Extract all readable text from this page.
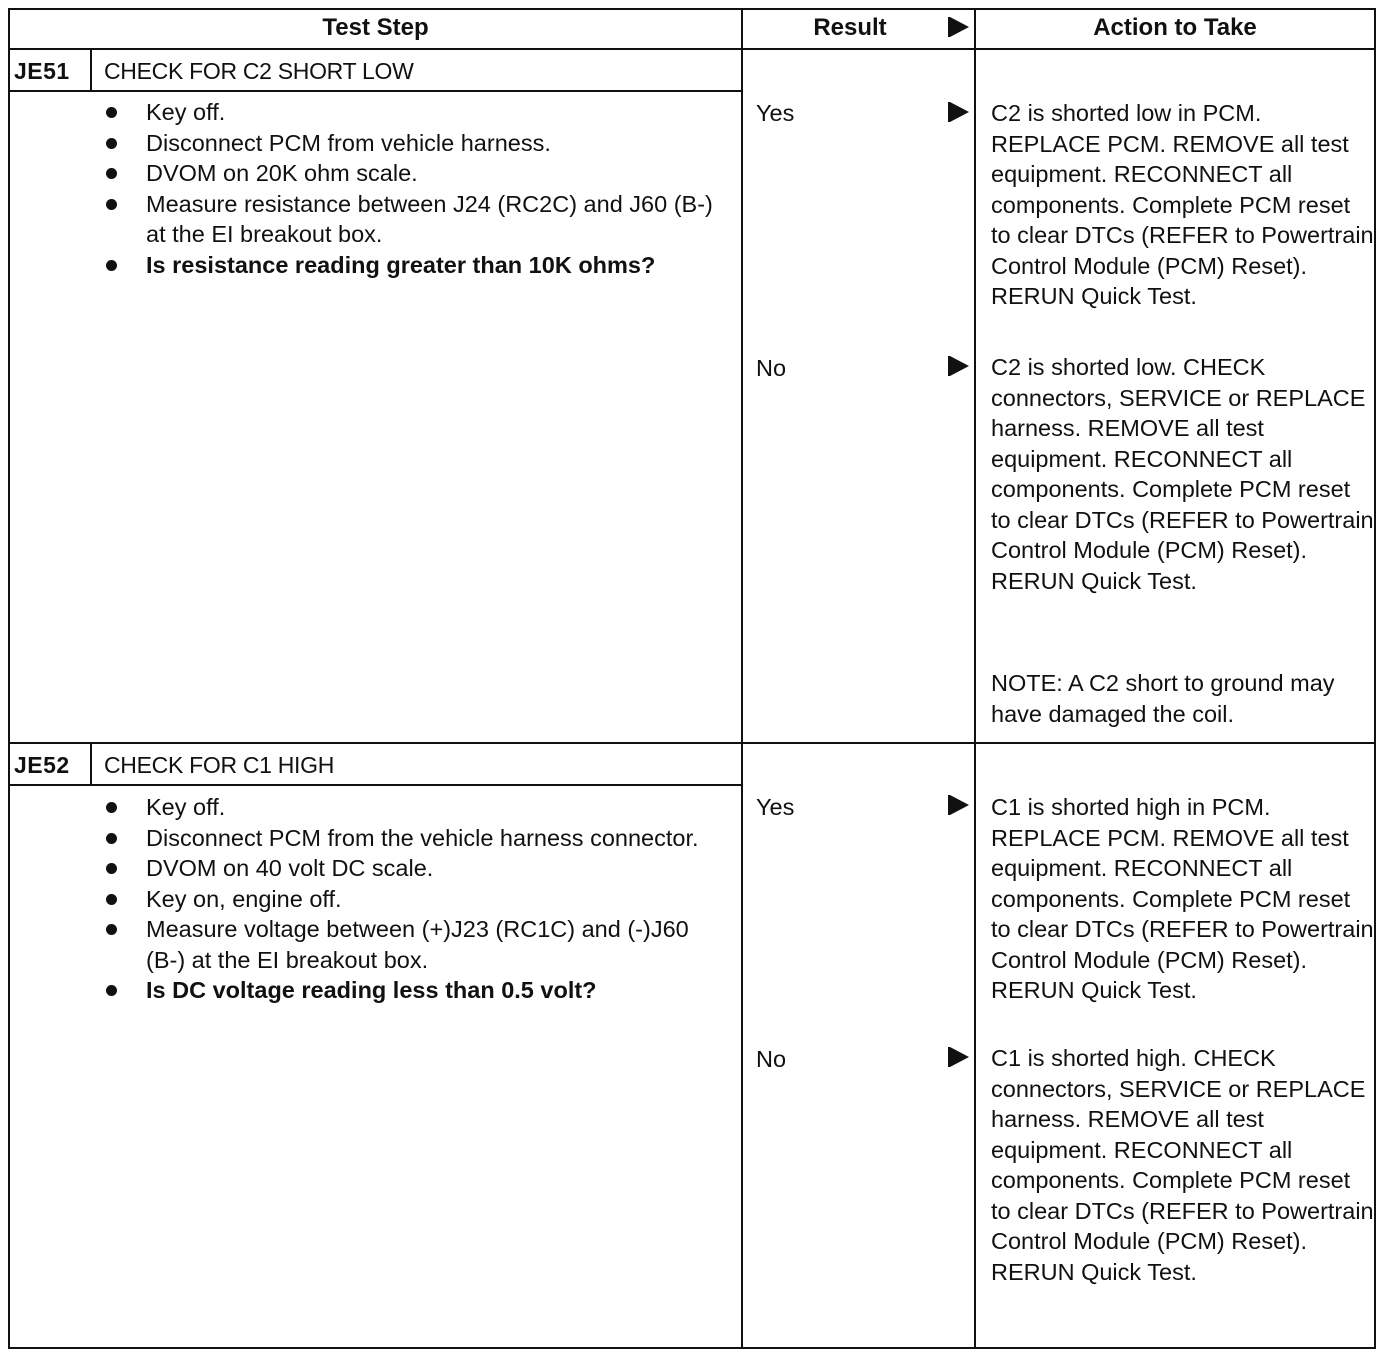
Test Step	Result	Action to Take
JE51 CHECK FOR C2 SHORT LOW
Key off.
Disconnect PCM from vehicle harness.
DVOM on 20K ohm scale.
Measure resistance between J24 (RC2C) and J60 (B-) at the EI breakout box.
Is resistance reading greater than 10K ohms?
Yes	C2 is shorted low in PCM. REPLACE PCM. REMOVE all test equipment. RECONNECT all components. Complete PCM reset to clear DTCs (REFER to Powertrain Control Module (PCM) Reset). RERUN Quick Test.

No	C2 is shorted low. CHECK connectors, SERVICE or REPLACE harness. REMOVE all test equipment. RECONNECT all components. Complete PCM reset to clear DTCs (REFER to Powertrain Control Module (PCM) Reset). RERUN Quick Test.

NOTE: A C2 short to ground may have damaged the coil.

JE52 CHECK FOR C1 HIGH
Key off.
Disconnect PCM from the vehicle harness connector.
DVOM on 40 volt DC scale.
Key on, engine off.
Measure voltage between (+)J23 (RC1C) and (-)J60 (B-) at the EI breakout box.
Is DC voltage reading less than 0.5 volt?
Yes	C1 is shorted high in PCM. REPLACE PCM. REMOVE all test equipment. RECONNECT all components. Complete PCM reset to clear DTCs (REFER to Powertrain Control Module (PCM) Reset). RERUN Quick Test.

No	C1 is shorted high. CHECK connectors, SERVICE or REPLACE harness. REMOVE all test equipment. RECONNECT all components. Complete PCM reset to clear DTCs (REFER to Powertrain Control Module (PCM) Reset). RERUN Quick Test.
